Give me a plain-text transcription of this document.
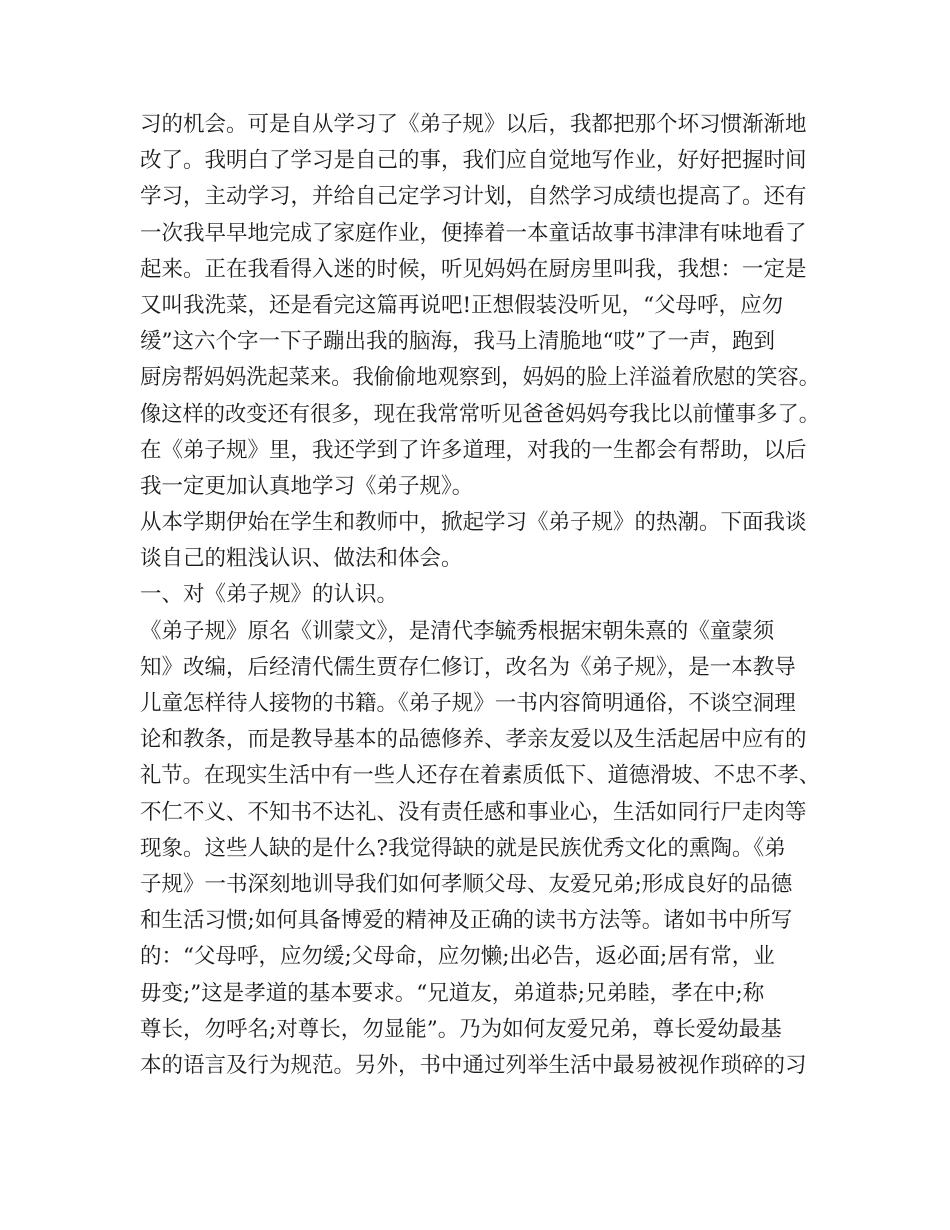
习的机会。可是自从学习了《弟子规》以后，我都把那个坏习惯渐渐地
改了。我明白了学习是自己的事，我们应自觉地写作业，好好把握时间
学习，主动学习，并给自己定学习计划，自然学习成绩也提高了。还有
一次我早早地完成了家庭作业，便捧着一本童话故事书津津有味地看了
起来。正在我看得入迷的时候，听见妈妈在厨房里叫我，我想：一定是
又叫我洗菜，还是看完这篇再说吧!正想假装没听见，“父母呼，应勿
缓”这六个字一下子蹦出我的脑海，我马上清脆地“哎”了一声，跑到
厨房帮妈妈洗起菜来。我偷偷地观察到，妈妈的脸上洋溢着欣慰的笑容。
像这样的改变还有很多，现在我常常听见爸爸妈妈夸我比以前懂事多了。
在《弟子规》里，我还学到了许多道理，对我的一生都会有帮助，以后
我一定更加认真地学习《弟子规》。
从本学期伊始在学生和教师中，掀起学习《弟子规》的热潮。下面我谈
谈自己的粗浅认识、做法和体会。
一、对《弟子规》的认识。
《弟子规》原名《训蒙文》，是清代李毓秀根据宋朝朱熹的《童蒙须
知》改编，后经清代儒生贾存仁修订，改名为《弟子规》，是一本教导
儿童怎样待人接物的书籍。《弟子规》一书内容简明通俗，不谈空洞理
论和教条，而是教导基本的品德修养、孝亲友爱以及生活起居中应有的
礼节。在现实生活中有一些人还存在着素质低下、道德滑坡、不忠不孝、
不仁不义、不知书不达礼、没有责任感和事业心，生活如同行尸走肉等
现象。这些人缺的是什么?我觉得缺的就是民族优秀文化的熏陶。《弟
子规》一书深刻地训导我们如何孝顺父母、友爱兄弟;形成良好的品德
和生活习惯;如何具备博爱的精神及正确的读书方法等。诸如书中所写
的：“父母呼，应勿缓;父母命，应勿懒;出必告，返必面;居有常，业
毋变;”这是孝道的基本要求。“兄道友，弟道恭;兄弟睦，孝在中;称
尊长，勿呼名;对尊长，勿显能”。乃为如何友爱兄弟，尊长爱幼最基
本的语言及行为规范。另外，书中通过列举生活中最易被视作琐碎的习
